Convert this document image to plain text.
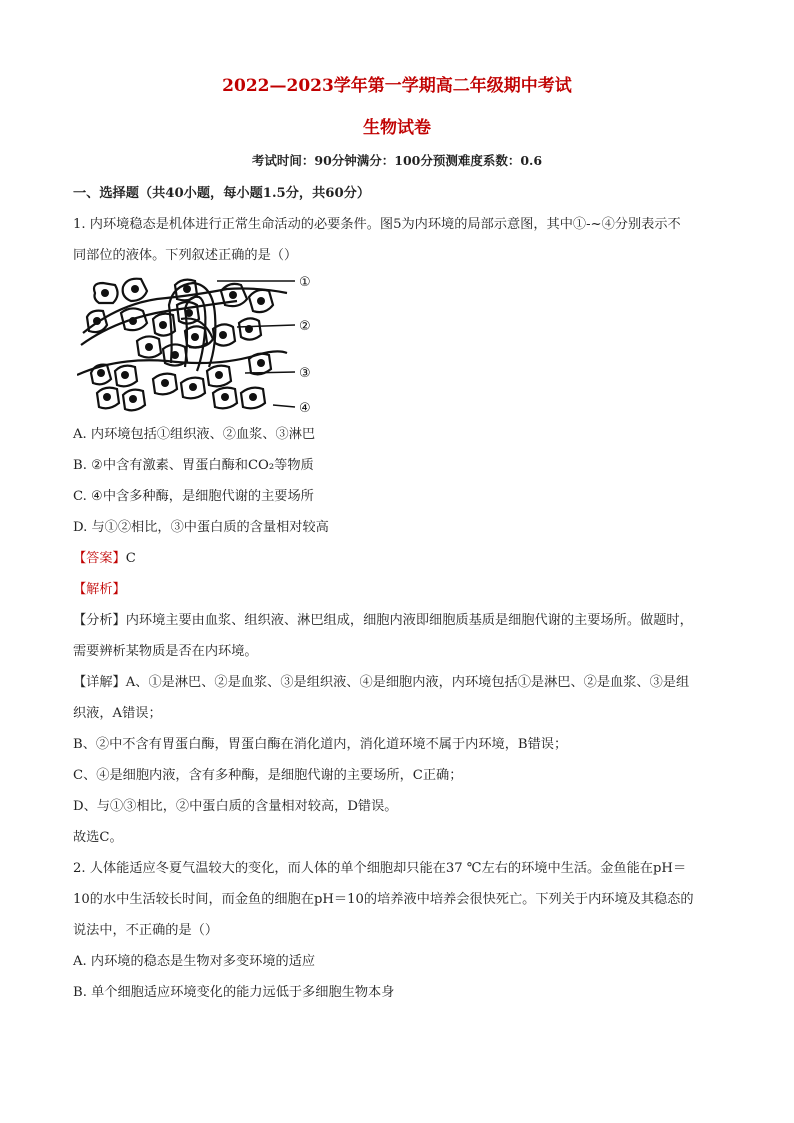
2022—2023学年第一学期高二年级期中考试

生物试卷

考试时间：90分钟满分：100分预测难度系数：0.6

一、选择题（共40小题，每小题1.5分，共60分）

1. 内环境稳态是机体进行正常生命活动的必要条件。图5为内环境的局部示意图，其中①-~④分别表示不

同部位的液体。下列叙述正确的是（）

①
②
③
④

A. 内环境包括①组织液、②血浆、③淋巴

B. ②中含有激素、胃蛋白酶和CO₂等物质

C. ④中含多种酶，是细胞代谢的主要场所

D. 与①②相比，③中蛋白质的含量相对较高

【答案】C

【解析】

【分析】内环境主要由血浆、组织液、淋巴组成，细胞内液即细胞质基质是细胞代谢的主要场所。做题时，

需要辨析某物质是否在内环境。

【详解】A、①是淋巴、②是血浆、③是组织液、④是细胞内液，内环境包括①是淋巴、②是血浆、③是组

织液，A错误；

B、②中不含有胃蛋白酶，胃蛋白酶在消化道内，消化道环境不属于内环境，B错误；

C、④是细胞内液，含有多种酶，是细胞代谢的主要场所，C正确；

D、与①③相比，②中蛋白质的含量相对较高，D错误。

故选C。

2. 人体能适应冬夏气温较大的变化，而人体的单个细胞却只能在37 ℃左右的环境中生活。金鱼能在pH＝

10的水中生活较长时间，而金鱼的细胞在pH＝10的培养液中培养会很快死亡。下列关于内环境及其稳态的

说法中，不正确的是（）

A. 内环境的稳态是生物对多变环境的适应

B. 单个细胞适应环境变化的能力远低于多细胞生物本身
